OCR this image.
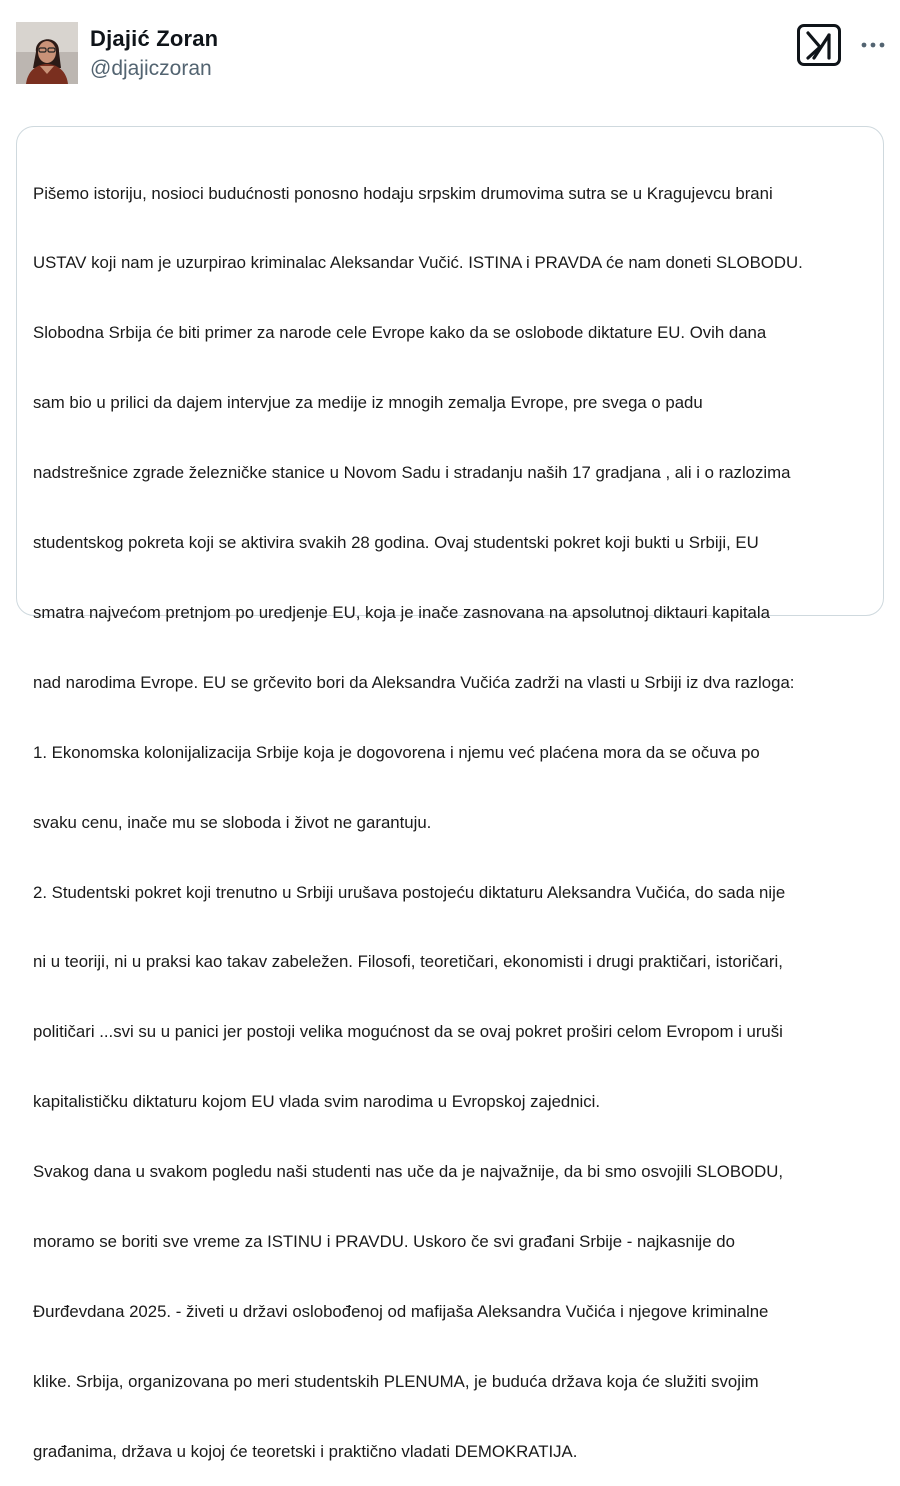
Djajić Zoran
@djajiczoran

Pišemo istoriju, nosioci budućnosti ponosno hodaju srpskim drumovima sutra se u Kragujevcu brani

USTAV koji nam je uzurpirao kriminalac Aleksandar Vučić. ISTINA i PRAVDA će nam doneti SLOBODU.

Slobodna Srbija će biti primer za narode cele Evrope kako da se oslobode diktature EU. Ovih dana

sam bio u prilici da dajem intervjue za medije iz mnogih zemalja Evrope, pre svega o padu

nadstrešnice zgrade železničke stanice u Novom Sadu i stradanju naših 17 gradjana , ali i o razlozima

studentskog pokreta koji se aktivira svakih 28 godina. Ovaj studentski pokret koji bukti u Srbiji, EU

smatra najvećom pretnjom po uredjenje EU, koja je inače zasnovana na apsolutnoj diktauri kapitala

nad narodima Evrope. EU se grčevito bori da Aleksandra Vučića zadrži na vlasti u Srbiji iz dva razloga:

1. Ekonomska kolonijalizacija Srbije koja je dogovorena i njemu već plaćena mora da se očuva po

svaku cenu, inače mu se sloboda i život ne garantuju.

2. Studentski pokret koji trenutno u Srbiji urušava postojeću diktaturu Aleksandra Vučića, do sada nije

ni u teoriji, ni u praksi kao takav zabeležen. Filosofi, teoretičari, ekonomisti i drugi praktičari, istoričari,

političari ...svi su u panici jer postoji velika mogućnost da se ovaj pokret proširi celom Evropom i uruši

kapitalističku diktaturu kojom EU vlada svim narodima u Evropskoj zajednici.

Svakog dana u svakom pogledu naši studenti nas uče da je najvažnije, da bi smo osvojili SLOBODU,

moramo se boriti sve vreme za ISTINU i PRAVDU. Uskoro če svi građani Srbije - najkasnije do

Đurđevdana 2025. - živeti u državi oslobođenoj od mafijaša Aleksandra Vučića i njegove kriminalne

klike. Srbija, organizovana po meri studentskih PLENUMA, je buduća država koja će služiti svojim

građanima, država u kojoj će teoretski i praktično vladati DEMOKRATIJA.
